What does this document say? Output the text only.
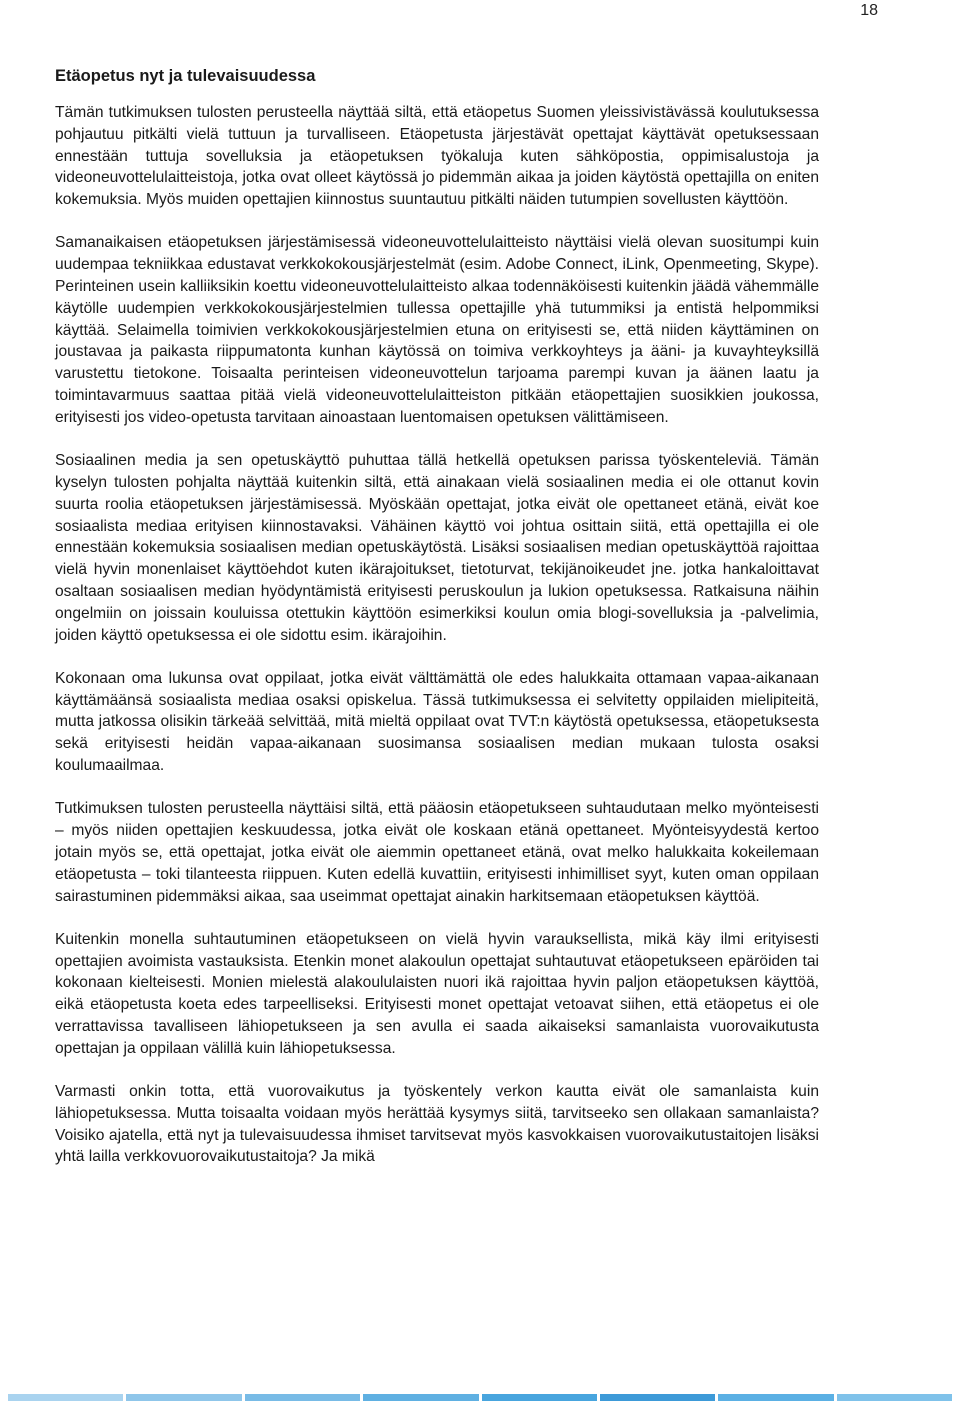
18
Etäopetus nyt ja tulevaisuudessa

Tämän tutkimuksen tulosten perusteella näyttää siltä, että etäopetus Suomen yleissivistävässä koulutuksessa pohjautuu pitkälti vielä tuttuun ja turvalliseen. Etäopetusta järjestävät opettajat käyttävät opetuksessaan ennestään tuttuja sovelluksia ja etäopetuksen työkaluja kuten sähköpostia, oppimisalustoja ja videoneuvottelulaitteistoja, jotka ovat olleet käytössä jo pidemmän aikaa ja joiden käytöstä opettajilla on eniten kokemuksia. Myös muiden opettajien kiinnostus suuntautuu pitkälti näiden tutumpien sovellusten käyttöön.

Samanaikaisen etäopetuksen järjestämisessä videoneuvottelulaitteisto näyttäisi vielä olevan suositumpi kuin uudempaa tekniikkaa edustavat verkkokokousjärjestelmät (esim. Adobe Connect, iLink, Openmeeting, Skype). Perinteinen usein kalliiksikin koettu videoneuvottelulaitteisto alkaa todennäköisesti kuitenkin jäädä vähemmälle käytölle uudempien verkkokokousjärjestelmien tullessa opettajille yhä tutummiksi ja entistä helpommiksi käyttää. Selaimella toimivien verkkokokousjärjestelmien etuna on erityisesti se, että niiden käyttäminen on joustavaa ja paikasta riippumatonta kunhan käytössä on toimiva verkkoyhteys ja ääni- ja kuvayhteyksillä varustettu tietokone. Toisaalta perinteisen videoneuvottelun tarjoama parempi kuvan ja äänen laatu ja toimintavarmuus saattaa pitää vielä videoneuvottelulaitteiston pitkään etäopettajien suosikkien joukossa, erityisesti jos video-opetusta tarvitaan ainoastaan luentomaisen opetuksen välittämiseen.

Sosiaalinen media ja sen opetuskäyttö puhuttaa tällä hetkellä opetuksen parissa työskenteleviä. Tämän kyselyn tulosten pohjalta näyttää kuitenkin siltä, että ainakaan vielä sosiaalinen media ei ole ottanut kovin suurta roolia etäopetuksen järjestämisessä. Myöskään opettajat, jotka eivät ole opettaneet etänä, eivät koe sosiaalista mediaa erityisen kiinnostavaksi. Vähäinen käyttö voi johtua osittain siitä, että opettajilla ei ole ennestään kokemuksia sosiaalisen median opetuskäytöstä. Lisäksi sosiaalisen median opetuskäyttöä rajoittaa vielä hyvin monenlaiset käyttöehdot kuten ikärajoitukset, tietoturvat, tekijänoikeudet jne. jotka hankaloittavat osaltaan sosiaalisen median hyödyntämistä erityisesti peruskoulun ja lukion opetuksessa. Ratkaisuna näihin ongelmiin on joissain kouluissa otettukin käyttöön esimerkiksi koulun omia blogi-sovelluksia ja -palvelimia, joiden käyttö opetuksessa ei ole sidottu esim. ikärajoihin.

Kokonaan oma lukunsa ovat oppilaat, jotka eivät välttämättä ole edes halukkaita ottamaan vapaa-aikanaan käyttämäänsä sosiaalista mediaa osaksi opiskelua. Tässä tutkimuksessa ei selvitetty oppilaiden mielipiteitä, mutta jatkossa olisikin tärkeää selvittää, mitä mieltä oppilaat ovat TVT:n käytöstä opetuksessa, etäopetuksesta sekä erityisesti heidän vapaa-aikanaan suosimansa sosiaalisen median mukaan tulosta osaksi koulumaailmaa.

Tutkimuksen tulosten perusteella näyttäisi siltä, että pääosin etäopetukseen suhtaudutaan melko myönteisesti – myös niiden opettajien keskuudessa, jotka eivät ole koskaan etänä opettaneet. Myönteisyydestä kertoo jotain myös se, että opettajat, jotka eivät ole aiemmin opettaneet etänä, ovat melko halukkaita kokeilemaan etäopetusta – toki tilanteesta riippuen. Kuten edellä kuvattiin, erityisesti inhimilliset syyt, kuten oman oppilaan sairastuminen pidemmäksi aikaa, saa useimmat opettajat ainakin harkitsemaan etäopetuksen käyttöä.

Kuitenkin monella suhtautuminen etäopetukseen on vielä hyvin varauksellista, mikä käy ilmi erityisesti opettajien avoimista vastauksista. Etenkin monet alakoulun opettajat suhtautuvat etäopetukseen epäröiden tai kokonaan kielteisesti. Monien mielestä alakoululaisten nuori ikä rajoittaa hyvin paljon etäopetuksen käyttöä, eikä etäopetusta koeta edes tarpeelliseksi. Erityisesti monet opettajat vetoavat siihen, että etäopetus ei ole verrattavissa tavalliseen lähiopetukseen ja sen avulla ei saada aikaiseksi samanlaista vuorovaikutusta opettajan ja oppilaan välillä kuin lähiopetuksessa.

Varmasti onkin totta, että vuorovaikutus ja työskentely verkon kautta eivät ole samanlaista kuin lähiopetuksessa. Mutta toisaalta voidaan myös herättää kysymys siitä, tarvitseeko sen ollakaan samanlaista? Voisiko ajatella, että nyt ja tulevaisuudessa ihmiset tarvitsevat myös kasvokkaisen vuorovaikutustaitojen lisäksi yhtä lailla verkkovuorovaikutustaitoja? Ja mikä
